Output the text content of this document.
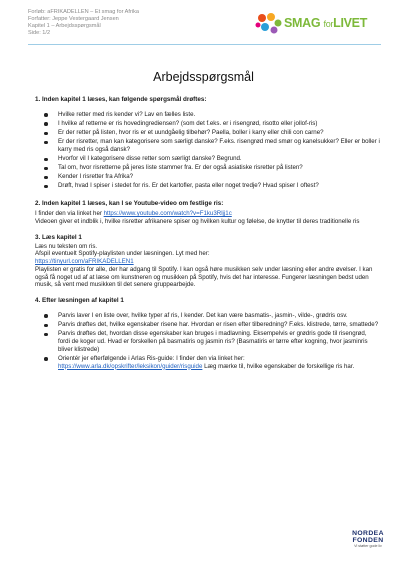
Forløb: aFRIKADELLEN – Et smag for Afrika
Forfatter: Jeppe Vestergaard Jensen
Kapitel 1 – Arbejdsspørgsmål
Side: 1/2
SMAG forLIVET
Arbejdsspørgsmål
1. Inden kapitel 1 læses, kan følgende spørgsmål drøftes:
Hvilke retter med ris kender vi? Lav en fælles liste.
I hvilke af retterne er ris hovedingrediensen? (som det f.eks. er i risengrød, risotto eller jollof-ris)
Er der retter på listen, hvor ris er et uundgåelig tilbehør? Paella, boller i karry eller chili con carne?
Er der risretter, man kan kategorisere som særligt danske? F.eks. risengrød med smør og kanelsukker? Eller er boller i karry med ris også dansk?
Hvorfor vil I kategorisere disse retter som særligt danske? Begrund.
Tal om, hvor risretterne på jeres liste stammer fra. Er der også asiatiske risretter på listen?
Kender I risretter fra Afrika?
Drøft, hvad I spiser i stedet for ris. Er det kartofler, pasta eller noget tredje? Hvad spiser I oftest?
2. Inden kapitel 1 læses, kan I se Youtube-video om festlige ris:

I finder den via linket her https://www.youtube.com/watch?v=F1ku3Rljj1c

Videoen giver et indblik i, hvilke risretter afrikanere spiser og hvilken kultur og følelse, de knytter til deres traditionelle ris

3. Læs kapitel 1

Læs nu teksten om ris.

Afspil eventuelt Spotify-playlisten under læsningen. Lyt med her:

https://tinyurl.com/aFRIKADELLEN1

Playlisten er gratis for alle, der har adgang til Spotify. I kan også høre musikken selv under læsning eller andre øvelser. I kan også få noget ud af at læse om kunstneren og musikken på Spotify, hvis det har interesse. Fungerer læsningen bedst uden musik, så vent med musikken til det senere gruppearbejde.

4. Efter læsningen af kapitel 1
Parvis laver I en liste over, hvilke typer af ris, I kender. Det kan være basmatis-, jasmin-, vilde-, grødris osv.
Parvis drøftes det, hvilke egenskaber risene har. Hvordan er risen efter tilberedning? F.eks. klistrede, tørre, smattede?
Parvis drøftes det, hvordan disse egenskaber kan bruges i madlavning. Eksempelvis er grødris gode til risengrød, fordi de koger ud. Hvad er forskellen på basmatiris og jasmin ris? (Basmatiris er tørre efter kogning, hvor jasminris bliver klistrede)
Orientér jer efterfølgende i Arlas Ris-guide: I finder den via linket her:
https://www.arla.dk/opskrifter/leksikon/guider/risguide Læg mærke til, hvilke egenskaber de forskellige ris har.
NORDEA
FONDEN
Vi støtter gode liv
